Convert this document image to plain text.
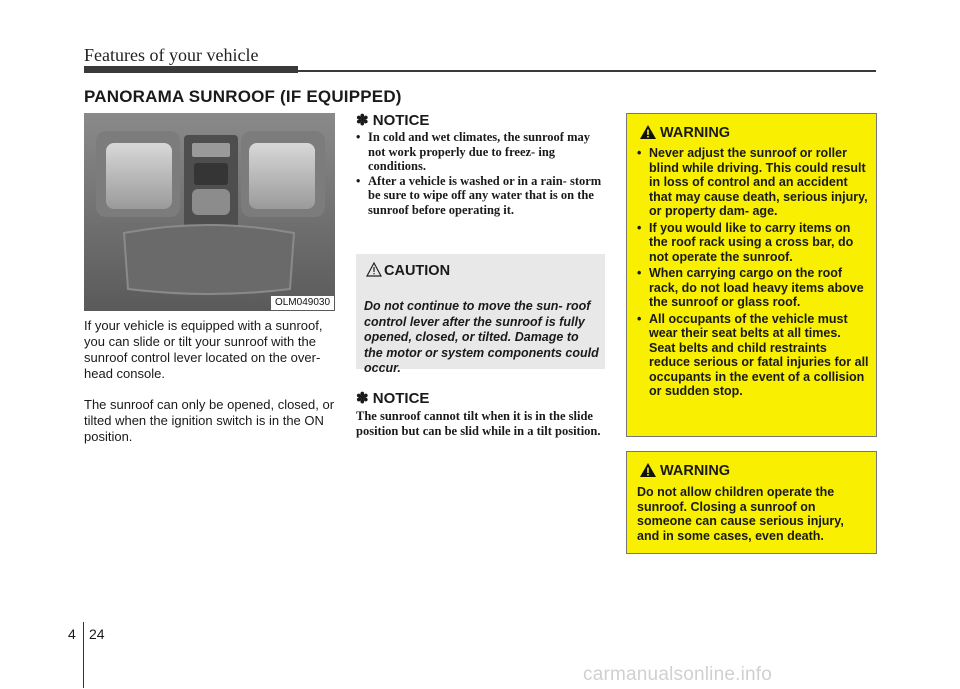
Features of your vehicle
PANORAMA SUNROOF (IF EQUIPPED)
OLM049030
If your vehicle is equipped with a sunroof, you can slide or tilt your sunroof with the sunroof control lever located on the over- head console.
The sunroof can only be opened, closed, or tilted when the ignition switch is in the ON position.
✽ NOTICE
• In cold and wet climates, the sunroof may not work properly due to freez- ing conditions.
• After a vehicle is washed or in a rain- storm be sure to wipe off any water that is on the sunroof before operating it.
CAUTION
Do not continue to move the sun- roof control lever after the sunroof is fully opened, closed, or tilted. Damage to the motor or system components could occur.
✽ NOTICE
The sunroof cannot tilt when it is in the slide position but can be slid while in a tilt position.
WARNING
• Never adjust the sunroof or roller blind while driving. This could result in loss of control and an accident that may cause death, serious injury, or property dam- age.
• If you would like to carry items on the roof rack using a cross bar, do not operate the sunroof.
• When carrying cargo on the roof rack, do not load heavy items above the sunroof or glass roof.
• All occupants of the vehicle must wear their seat belts at all times. Seat belts and child restraints reduce serious or fatal injuries for all occupants in the event of a collision or sudden stop.
WARNING
Do not allow children operate the sunroof. Closing a sunroof on someone can cause serious injury, and in some cases, even death.
4 24
carmanualsonline.info
